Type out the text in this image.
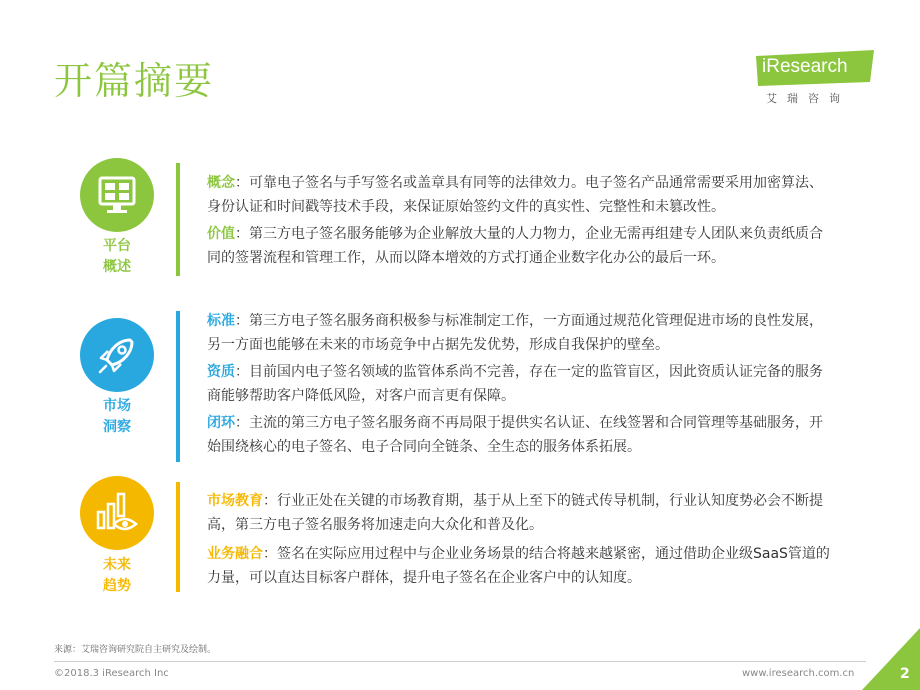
开篇摘要	iResearch
艾瑞咨询
平台
概述

概念：可靠电子签名与手写签名或盖章具有同等的法律效力。电子签名产品通常需要采用加密算法、身份认证和时间戳等技术手段，来保证原始签约文件的真实性、完整性和未篡改性。

价值：第三方电子签名服务能够为企业解放大量的人力物力，企业无需再组建专人团队来负责纸质合同的签署流程和管理工作，从而以降本增效的方式打通企业数字化办公的最后一环。

市场
洞察

标准：第三方电子签名服务商积极参与标准制定工作，一方面通过规范化管理促进市场的良性发展，另一方面也能够在未来的市场竞争中占据先发优势，形成自我保护的壁垒。

资质：目前国内电子签名领域的监管体系尚不完善，存在一定的监管盲区，因此资质认证完备的服务商能够帮助客户降低风险，对客户而言更有保障。

闭环：主流的第三方电子签名服务商不再局限于提供实名认证、在线签署和合同管理等基础服务，开始围绕核心的电子签名、电子合同向全链条、全生态的服务体系拓展。

未来
趋势

市场教育：行业正处在关键的市场教育期，基于从上至下的链式传导机制，行业认知度势必会不断提高，第三方电子签名服务将加速走向大众化和普及化。

业务融合：签名在实际应用过程中与企业业务场景的结合将越来越紧密，通过借助企业级SaaS管道的力量，可以直达目标客户群体，提升电子签名在企业客户中的认知度。

来源：艾瑞咨询研究院自主研究及绘制。
©2018.3 iResearch Inc	www.iresearch.com.cn	2
